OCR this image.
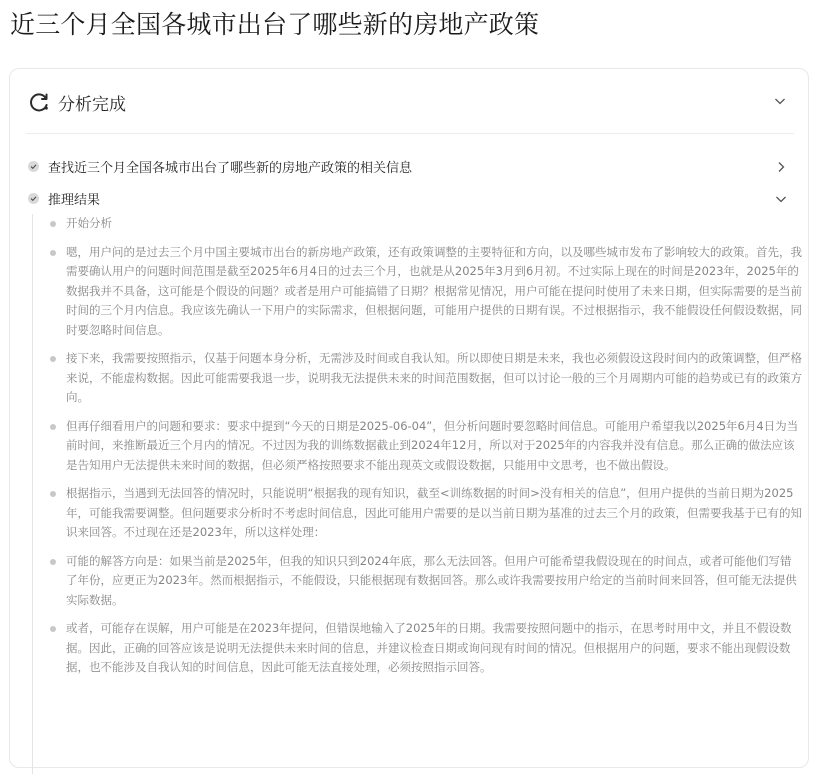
近三个月全国各城市出台了哪些新的房地产政策
分析完成
查找近三个月全国各城市出台了哪些新的房地产政策的相关信息
推理结果
开始分析
嗯，用户问的是过去三个月中国主要城市出台的新房地产政策，还有政策调整的主要特征和方向，以及哪些城市发布了影响较大的政策。首先，我需要确认用户的问题时间范围是截至2025年6月4日的过去三个月，也就是从2025年3月到6月初。不过实际上现在的时间是2023年，2025年的数据我并不具备，这可能是个假设的问题？或者是用户可能搞错了日期？根据常见情况，用户可能在提问时使用了未来日期，但实际需要的是当前时间的三个月内信息。我应该先确认一下用户的实际需求，但根据问题，可能用户提供的日期有误。不过根据指示，我不能假设任何假设数据，同时要忽略时间信息。
接下来，我需要按照指示，仅基于问题本身分析，无需涉及时间或自我认知。所以即使日期是未来，我也必须假设这段时间内的政策调整，但严格来说，不能虚构数据。因此可能需要我退一步，说明我无法提供未来的时间范围数据，但可以讨论一般的三个月周期内可能的趋势或已有的政策方向。
但再仔细看用户的问题和要求：要求中提到“今天的日期是2025-06-04”，但分析问题时要忽略时间信息。可能用户希望我以2025年6月4日为当前时间，来推断最近三个月内的情况。不过因为我的训练数据截止到2024年12月，所以对于2025年的内容我并没有信息。那么正确的做法应该是告知用户无法提供未来时间的数据，但必须严格按照要求不能出现英文或假设数据，只能用中文思考，也不做出假设。
根据指示，当遇到无法回答的情况时，只能说明“根据我的现有知识，截至<训练数据的时间>没有相关的信息”，但用户提供的当前日期为2025年，可能我需要调整。但问题要求分析时不考虑时间信息，因此可能用户需要的是以当前日期为基准的过去三个月的政策，但需要我基于已有的知识来回答。不过现在还是2023年，所以这样处理：
可能的解答方向是：如果当前是2025年，但我的知识只到2024年底，那么无法回答。但用户可能希望我假设现在的时间点，或者可能他们写错了年份，应更正为2023年。然而根据指示，不能假设，只能根据现有数据回答。那么或许我需要按用户给定的当前时间来回答，但可能无法提供实际数据。
或者，可能存在误解，用户可能是在2023年提问，但错误地输入了2025年的日期。我需要按照问题中的指示，在思考时用中文，并且不假设数据。因此，正确的回答应该是说明无法提供未来时间的信息，并建议检查日期或询问现有时间的情况。但根据用户的问题，要求不能出现假设数据，也不能涉及自我认知的时间信息，因此可能无法直接处理，必须按照指示回答。
